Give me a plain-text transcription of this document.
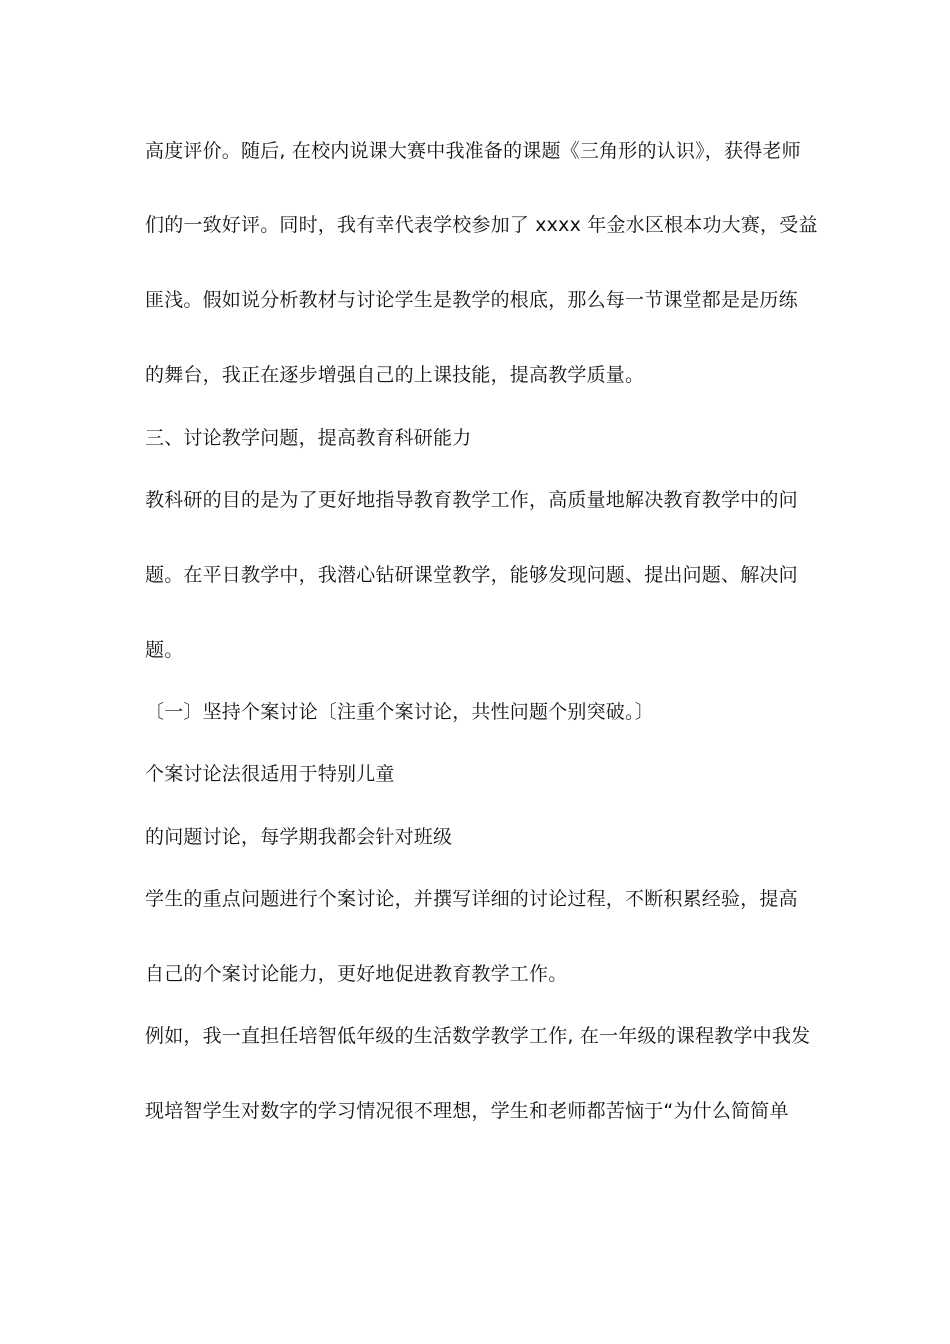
高度评价。随后, 在校内说课大赛中我准备的课题《三角形的认识》，获得老师
们的一致好评。同时，我有幸代表学校参加了 xxxx 年金水区根本功大赛，受益
匪浅。假如说分析教材与讨论学生是教学的根底，那么每一节课堂都是是历练
的舞台，我正在逐步增强自己的上课技能，提高教学质量。
三、讨论教学问题，提高教育科研能力
教科研的目的是为了更好地指导教育教学工作，高质量地解决教育教学中的问
题。在平日教学中，我潜心钻研课堂教学，能够发现问题、提出问题、解决问
题。
〔一〕坚持个案讨论〔注重个案讨论，共性问题个别突破。〕
个案讨论法很适用于特别儿童
的问题讨论，每学期我都会针对班级
学生的重点问题进行个案讨论，并撰写详细的讨论过程，不断积累经验，提高
自己的个案讨论能力，更好地促进教育教学工作。
例如，我一直担任培智低年级的生活数学教学工作, 在一年级的课程教学中我发
现培智学生对数字的学习情况很不理想，学生和老师都苦恼于“为什么简简单
